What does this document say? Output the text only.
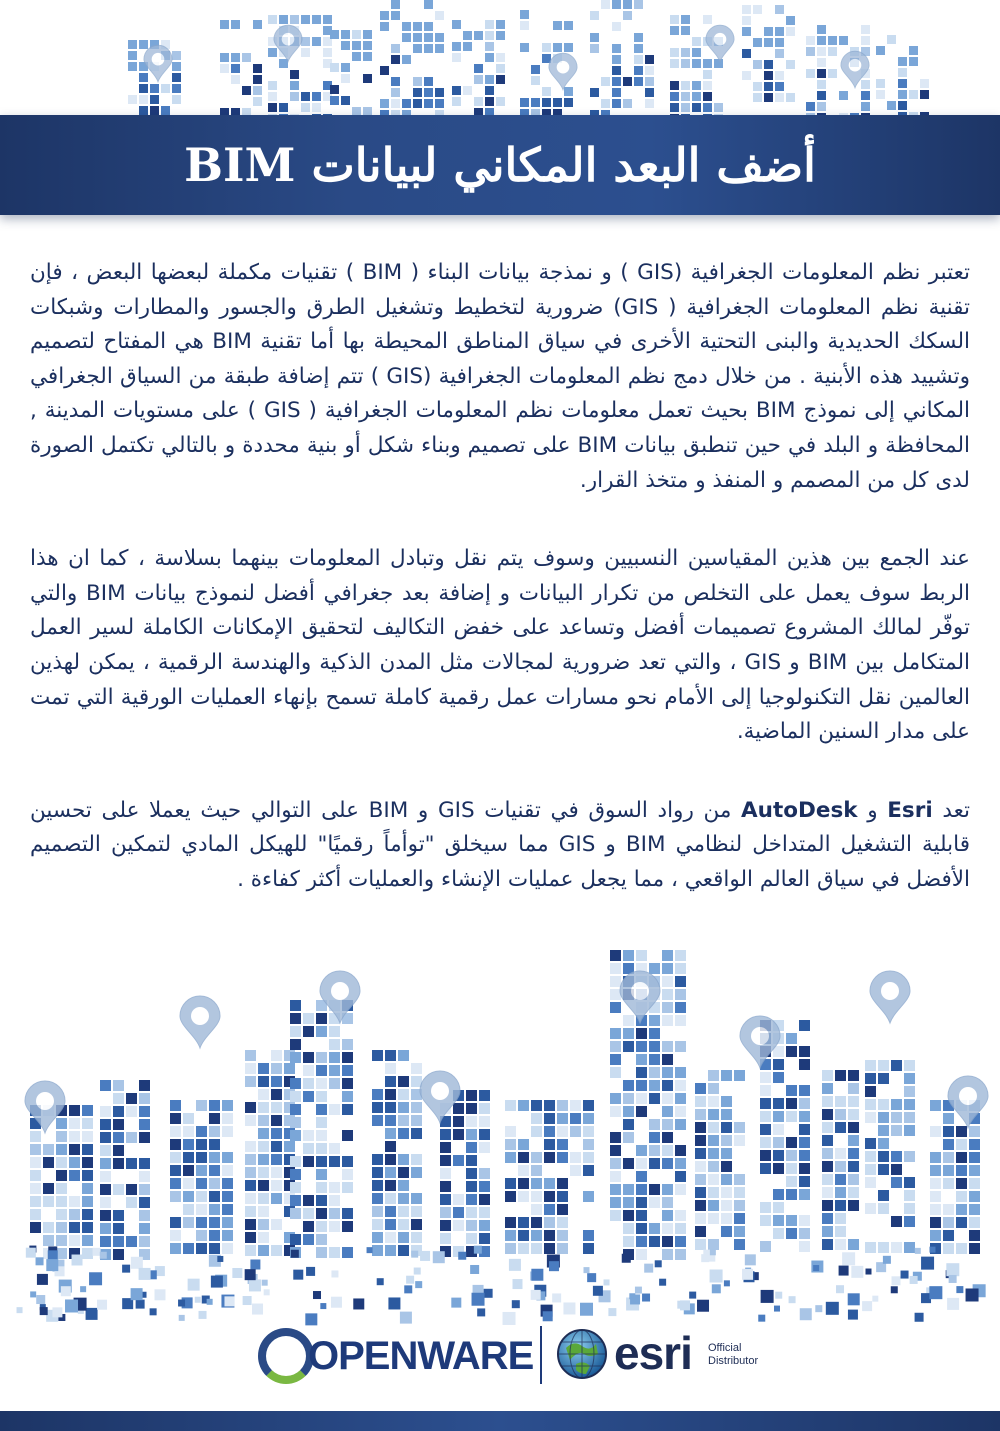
أضف البعد المكاني لبيانات BIM

تعتبر نظم المعلومات الجغرافية (GIS ) و نمذجة بيانات البناء ( BIM ) تقنيات مكملة لبعضها البعض ، فإن تقنية نظم المعلومات الجغرافية ( GIS) ضرورية لتخطيط وتشغيل الطرق والجسور والمطارات وشبكات السكك الحديدية والبنى التحتية الأخرى في سياق المناطق المحيطة بها أما تقنية BIM هي المفتاح لتصميم وتشييد هذه الأبنية . من خلال دمج نظم المعلومات الجغرافية (GIS ) تتم إضافة طبقة من السياق الجغرافي المكاني إلى نموذج BIM بحيث تعمل معلومات نظم المعلومات الجغرافية ( GIS ) على مستويات المدينة , المحافظة و البلد في حين تنطبق بيانات BIM على تصميم وبناء شكل أو بنية محددة و بالتالي تكتمل الصورة لدى كل من المصمم و المنفذ و متخذ القرار.

عند الجمع بين هذين المقياسين النسبيين وسوف يتم نقل وتبادل المعلومات بينهما بسلاسة ، كما ان هذا الربط سوف يعمل على التخلص من تكرار البيانات و إضافة بعد جغرافي أفضل لنموذج بيانات BIM والتي توفّر لمالك المشروع تصميمات أفضل وتساعد على خفض التكاليف لتحقيق الإمكانات الكاملة لسير العمل المتكامل بين BIM و GIS ، والتي تعد ضرورية لمجالات مثل المدن الذكية والهندسة الرقمية ، يمكن لهذين العالمين نقل التكنولوجيا إلى الأمام نحو مسارات عمل رقمية كاملة تسمح بإنهاء العمليات الورقية التي تمت على مدار السنين الماضية.

تعد Esri و AutoDesk من رواد السوق في تقنيات GIS و BIM على التوالي حيث يعملا على تحسين قابلية التشغيل المتداخل لنظامي BIM و GIS مما سيخلق "توأماً رقميًا" للهيكل المادي لتمكين التصميم الأفضل في سياق العالم الواقعي ، مما يجعل عمليات الإنشاء والعمليات أكثر كفاءة .

OPENWARE esri Official
Distributor
